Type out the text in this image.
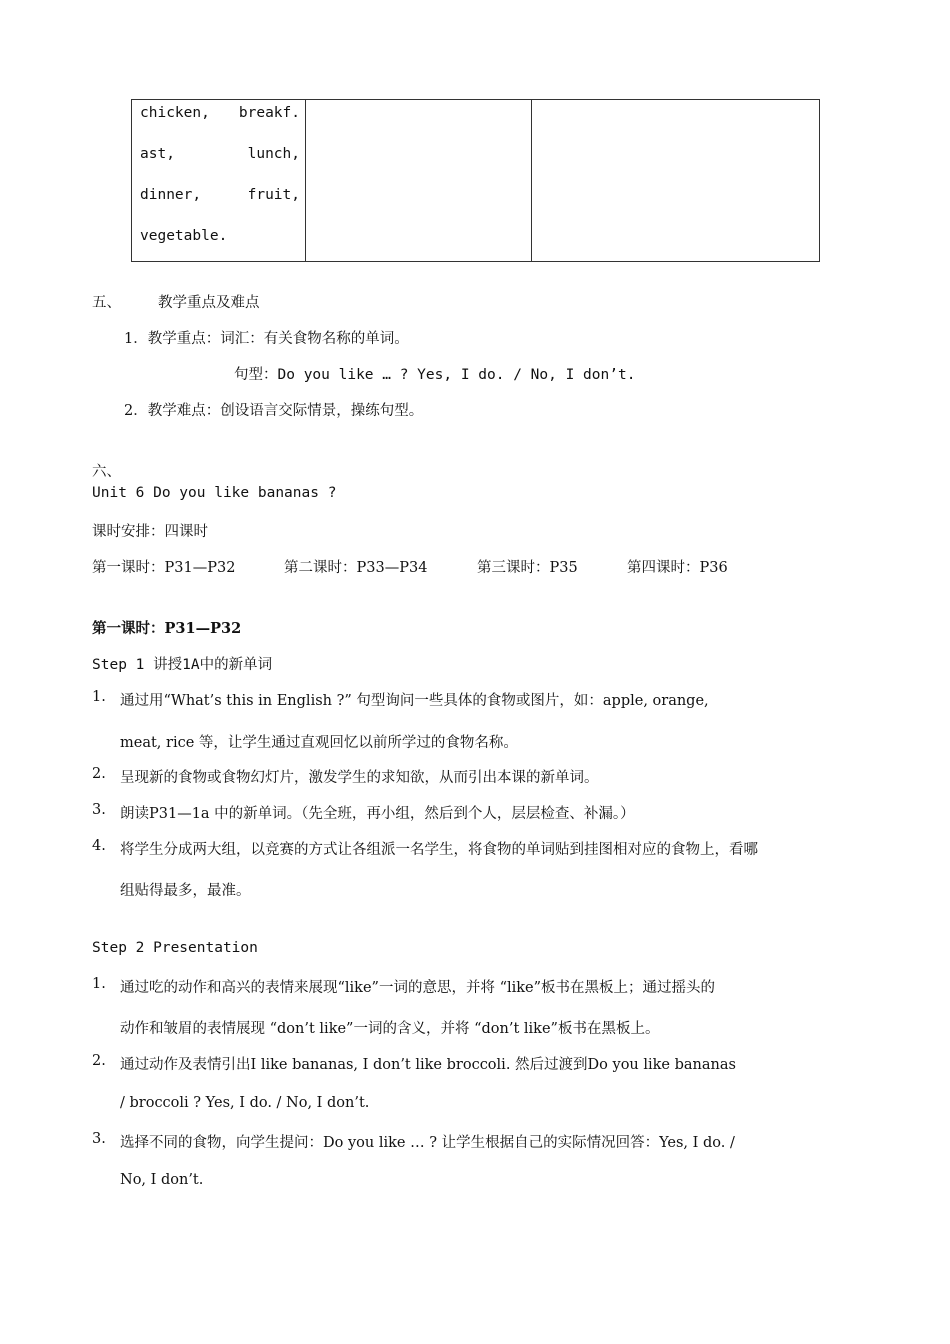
chicken, breakf.
ast,	lunch,
dinner,	fruit,
vegetable.
五、	教学重点及难点
1．教学重点：词汇：有关食物名称的单词。
句型：Do you like … ? Yes, I do. / No, I don’t.
2．教学难点：创设语言交际情景，操练句型。
六、
Unit 6 Do you like bananas ?
课时安排：四课时
第一课时：P31—P32	第二课时：P33—P34	第三课时：P35	第四课时：P36
第一课时：P31—P32
Step 1 讲授1A中的新单词
1. 通过用“What’s this in English ?” 句型询问一些具体的食物或图片，如：apple, orange,
meat, rice 等，让学生通过直观回忆以前所学过的食物名称。
2. 呈现新的食物或食物幻灯片，激发学生的求知欲，从而引出本课的新单词。
3. 朗读P31—1a 中的新单词。（先全班，再小组，然后到个人，层层检查、补漏。）
4. 将学生分成两大组，以竞赛的方式让各组派一名学生，将食物的单词贴到挂图相对应的食物上，看哪
组贴得最多，最准。
Step 2 Presentation
1. 通过吃的动作和高兴的表情来展现“like”一词的意思，并将 “like”板书在黑板上；通过摇头的
动作和皱眉的表情展现 “don’t like”一词的含义，并将 “don’t like”板书在黑板上。
2. 通过动作及表情引出I like bananas, I don’t like broccoli. 然后过渡到Do you like bananas
/ broccoli ? Yes, I do. / No, I don’t.
3. 选择不同的食物，向学生提问：Do you like … ? 让学生根据自己的实际情况回答：Yes, I do. /
No, I don’t.
